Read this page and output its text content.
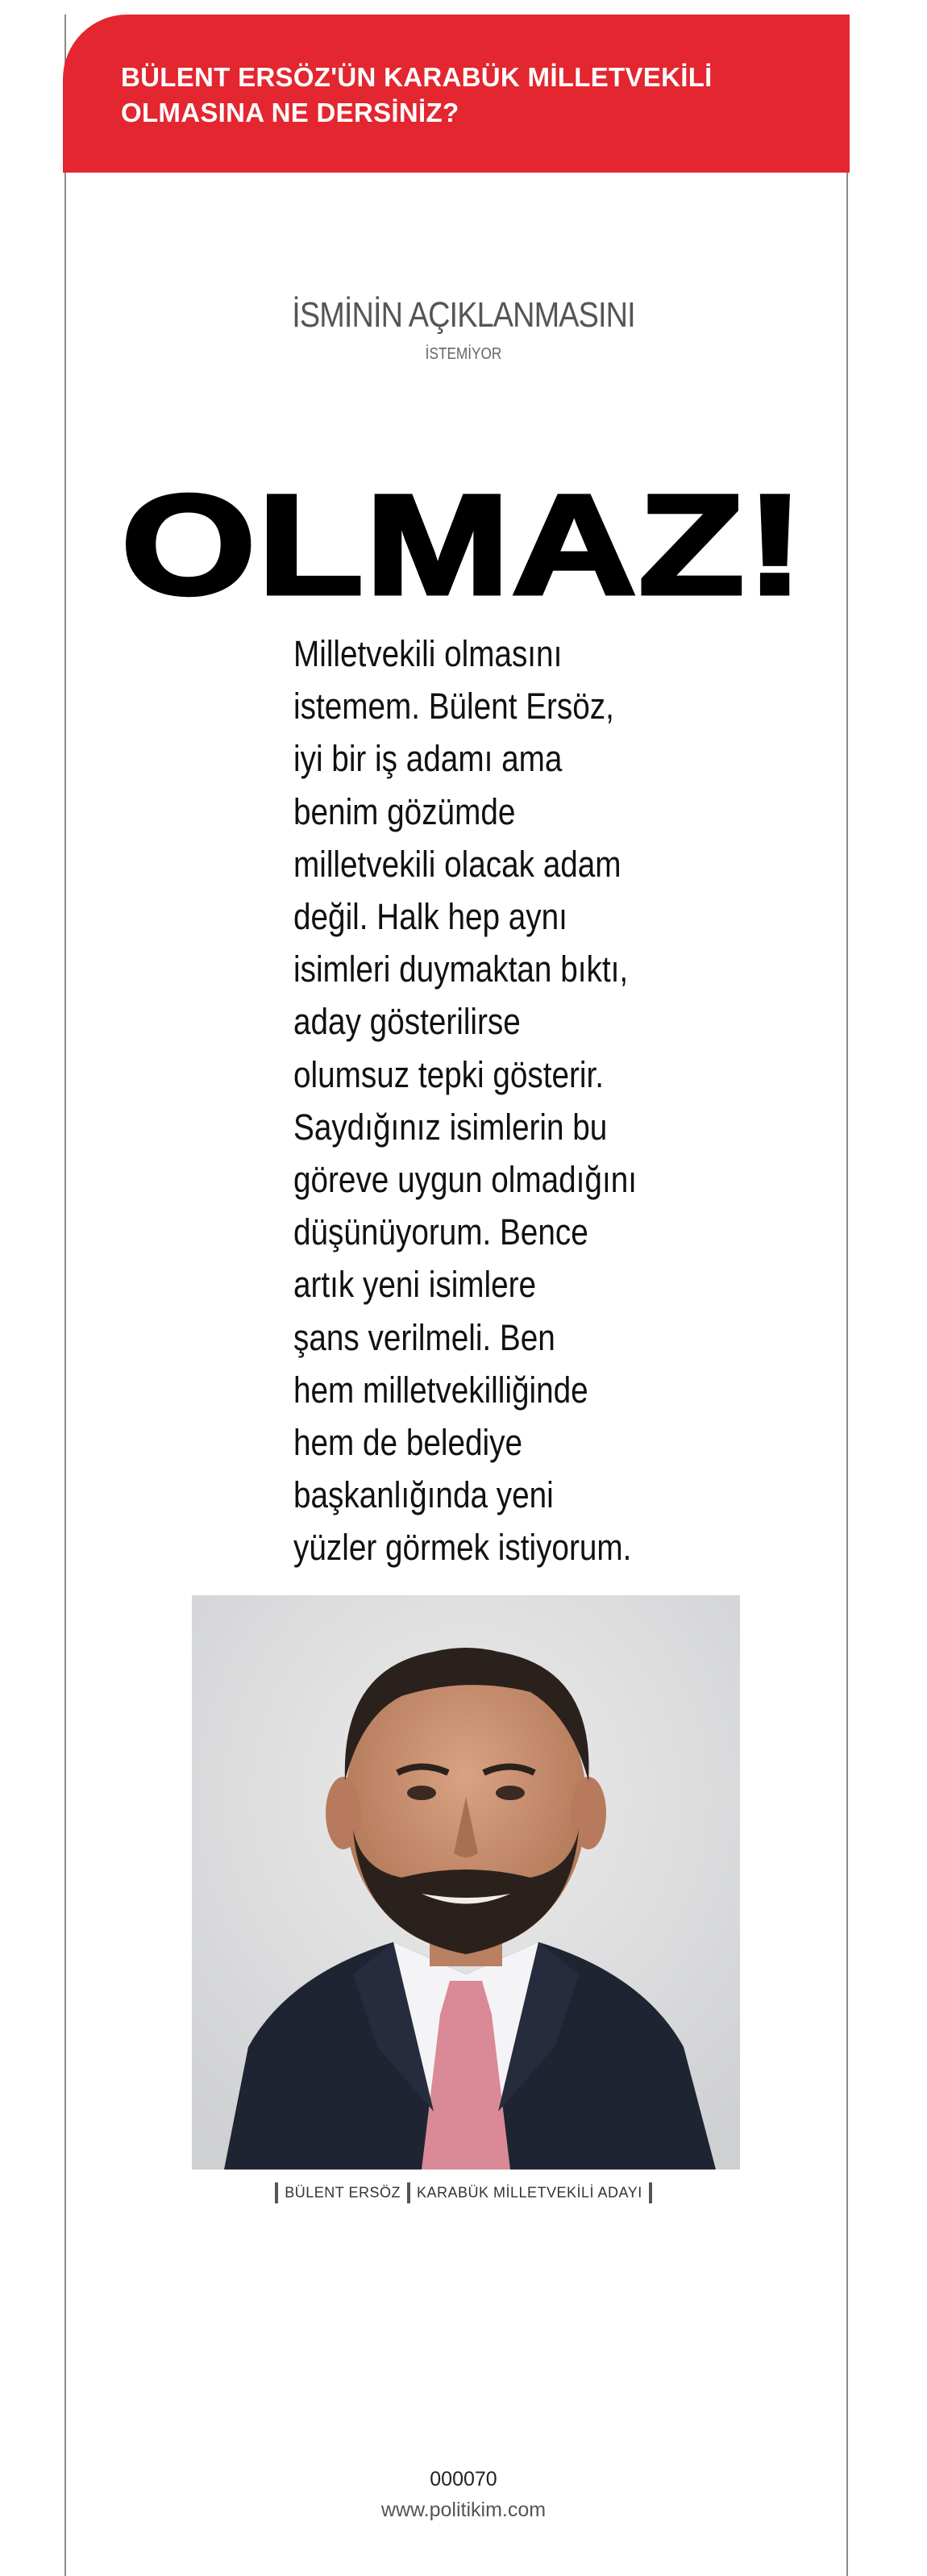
BÜLENT ERSÖZ'ÜN KARABÜK MİLLETVEKİLİ OLMASINA NE DERSİNİZ?
İSMİNİN AÇIKLANMASINI
İSTEMİYOR
OLMAZ!

Milletvekili olmasını
istemem. Bülent Ersöz,
iyi bir iş adamı ama
benim gözümde
milletvekili olacak adam
değil. Halk hep aynı
isimleri duymaktan bıktı,
aday gösterilirse
olumsuz tepki gösterir.
Saydığınız isimlerin bu
göreve uygun olmadığını
düşünüyorum. Bence
artık yeni isimlere
şans verilmeli. Ben
hem milletvekilliğinde
hem de belediye
başkanlığında yeni
yüzler görmek istiyorum.

BÜLENT ERSÖZ KARABÜK MİLLETVEKİLİ ADAYI
000070
www.politikim.com
